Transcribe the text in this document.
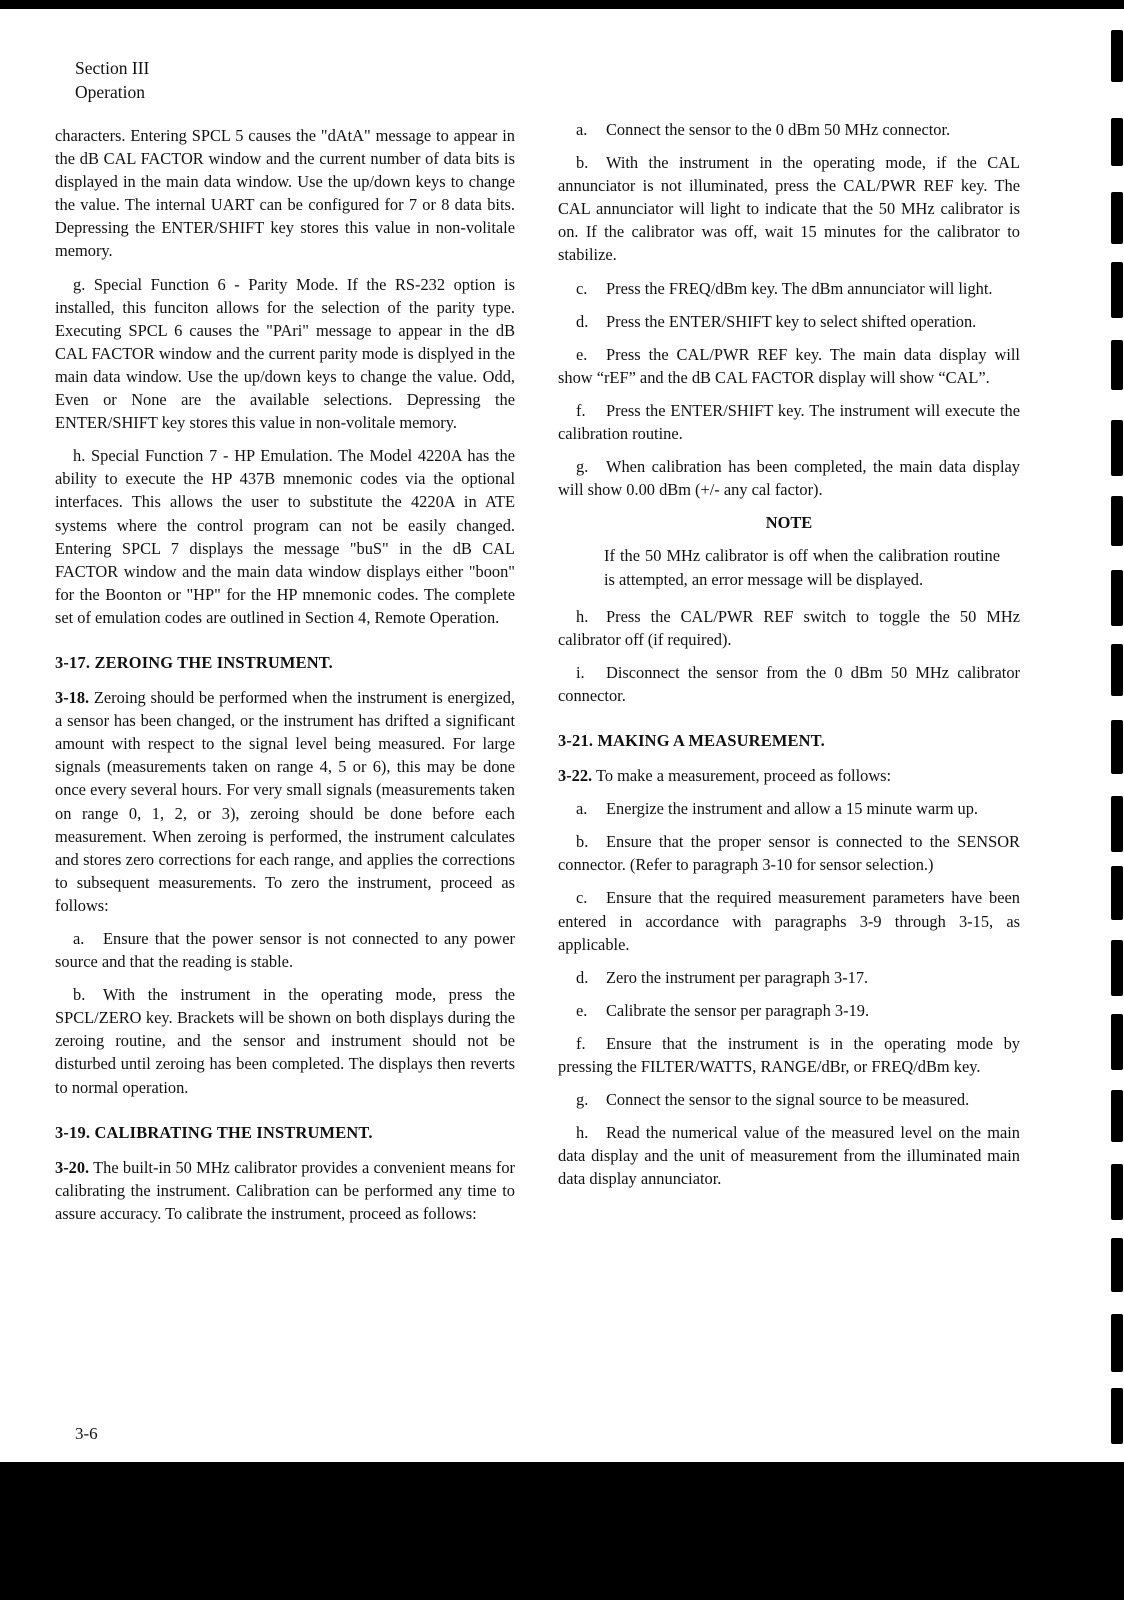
Section III
Operation

characters. Entering SPCL 5 causes the "dAtA" message to appear in the dB CAL FACTOR window and the current number of data bits is displayed in the main data window. Use the up/down keys to change the value. The internal UART can be configured for 7 or 8 data bits. Depressing the ENTER/SHIFT key stores this value in non-volitale memory.

g. Special Function 6 - Parity Mode. If the RS-232 option is installed, this funciton allows for the selection of the parity type. Executing SPCL 6 causes the "PAri" message to appear in the dB CAL FACTOR window and the current parity mode is displyed in the main data window. Use the up/down keys to change the value. Odd, Even or None are the available selections. Depressing the ENTER/SHIFT key stores this value in non-volitale memory.

h. Special Function 7 - HP Emulation. The Model 4220A has the ability to execute the HP 437B mnemonic codes via the optional interfaces. This allows the user to substitute the 4220A in ATE systems where the control program can not be easily changed. Entering SPCL 7 displays the message "buS" in the dB CAL FACTOR window and the main data window displays either "boon" for the Boonton or "HP" for the HP mnemonic codes. The complete set of emulation codes are outlined in Section 4, Remote Operation.

3-17. ZEROING THE INSTRUMENT.

3-18. Zeroing should be performed when the instrument is energized, a sensor has been changed, or the instrument has drifted a significant amount with respect to the signal level being measured. For large signals (measurements taken on range 4, 5 or 6), this may be done once every several hours. For very small signals (measurements taken on range 0, 1, 2, or 3), zeroing should be done before each measurement. When zeroing is performed, the instrument calculates and stores zero corrections for each range, and applies the corrections to subsequent measurements. To zero the instrument, proceed as follows:

a. Ensure that the power sensor is not connected to any power source and that the reading is stable.

b. With the instrument in the operating mode, press the SPCL/ZERO key. Brackets will be shown on both displays during the zeroing routine, and the sensor and instrument should not be disturbed until zeroing has been completed. The displays then reverts to normal operation.

3-19. CALIBRATING THE INSTRUMENT.

3-20. The built-in 50 MHz calibrator provides a convenient means for calibrating the instrument. Calibration can be performed any time to assure accuracy. To calibrate the instrument, proceed as follows:

a. Connect the sensor to the 0 dBm 50 MHz connector.

b. With the instrument in the operating mode, if the CAL annunciator is not illuminated, press the CAL/PWR REF key. The CAL annunciator will light to indicate that the 50 MHz calibrator is on. If the calibrator was off, wait 15 minutes for the calibrator to stabilize.

c. Press the FREQ/dBm key. The dBm annunciator will light.

d. Press the ENTER/SHIFT key to select shifted operation.

e. Press the CAL/PWR REF key. The main data display will show “rEF” and the dB CAL FACTOR display will show “CAL”.

f. Press the ENTER/SHIFT key. The instrument will execute the calibration routine.

g. When calibration has been completed, the main data display will show 0.00 dBm (+/- any cal factor).

NOTE
If the 50 MHz calibrator is off when the calibration routine is attempted, an error message will be displayed.

h. Press the CAL/PWR REF switch to toggle the 50 MHz calibrator off (if required).

i. Disconnect the sensor from the 0 dBm 50 MHz calibrator connector.

3-21. MAKING A MEASUREMENT.

3-22. To make a measurement, proceed as follows:

a. Energize the instrument and allow a 15 minute warm up.

b. Ensure that the proper sensor is connected to the SENSOR connector. (Refer to paragraph 3-10 for sensor selection.)

c. Ensure that the required measurement parameters have been entered in accordance with paragraphs 3-9 through 3-15, as applicable.

d. Zero the instrument per paragraph 3-17.

e. Calibrate the sensor per paragraph 3-19.

f. Ensure that the instrument is in the operating mode by pressing the FILTER/WATTS, RANGE/dBr, or FREQ/dBm key.

g. Connect the sensor to the signal source to be measured.

h. Read the numerical value of the measured level on the main data display and the unit of measurement from the illuminated main data display annunciator.

3-6
